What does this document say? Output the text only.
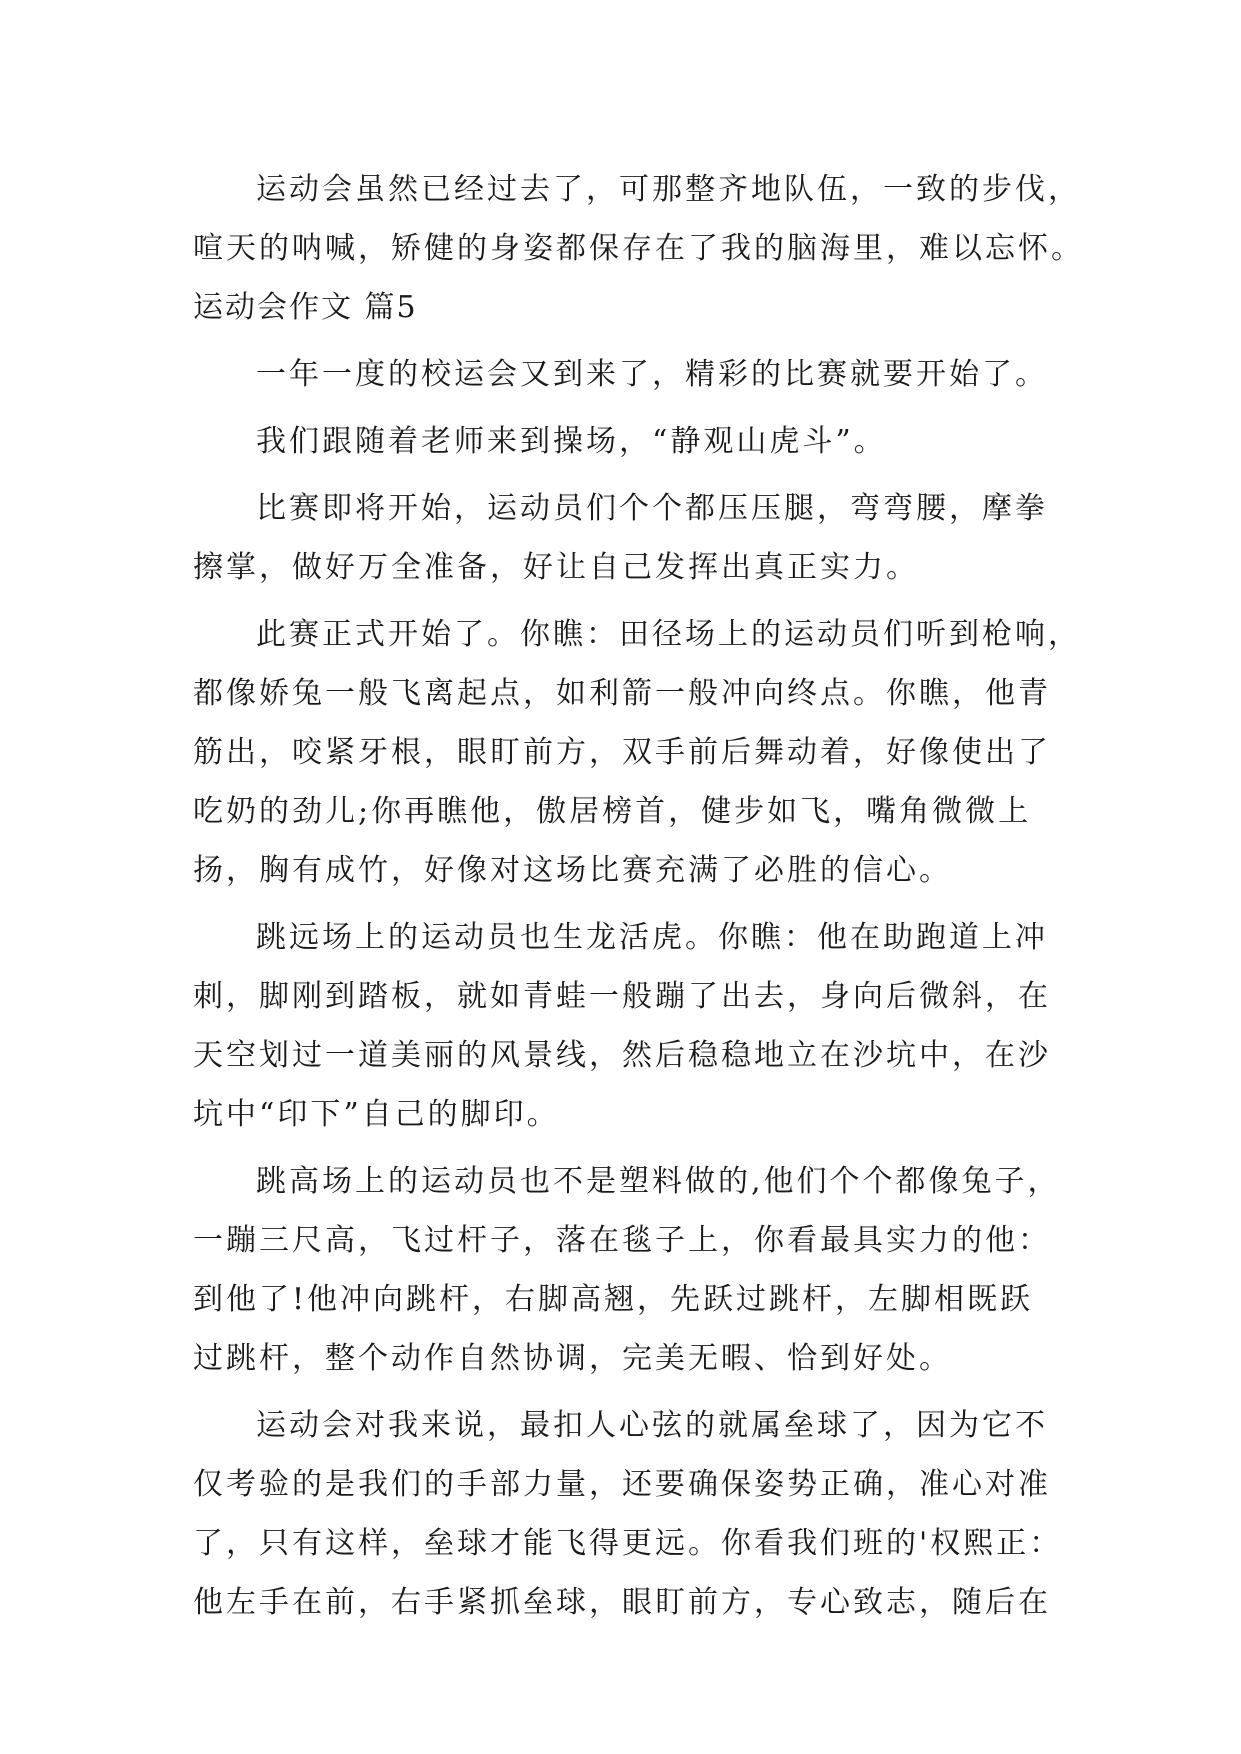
运动会虽然已经过去了，可那整齐地队伍，一致的步伐，
喧天的呐喊，矫健的身姿都保存在了我的脑海里，难以忘怀。
运动会作文 篇5
一年一度的校运会又到来了，精彩的比赛就要开始了。
我们跟随着老师来到操场，“静观山虎斗”。
比赛即将开始，运动员们个个都压压腿，弯弯腰，摩拳
擦掌，做好万全准备，好让自己发挥出真正实力。
此赛正式开始了。你瞧：田径场上的运动员们听到枪响，
都像娇兔一般飞离起点，如利箭一般冲向终点。你瞧，他青
筋出，咬紧牙根，眼盯前方，双手前后舞动着，好像使出了
吃奶的劲儿;你再瞧他，傲居榜首，健步如飞，嘴角微微上
扬，胸有成竹，好像对这场比赛充满了必胜的信心。
跳远场上的运动员也生龙活虎。你瞧：他在助跑道上冲
刺，脚刚到踏板，就如青蛙一般蹦了出去，身向后微斜，在
天空划过一道美丽的风景线，然后稳稳地立在沙坑中，在沙
坑中“印下”自己的脚印。
跳高场上的运动员也不是塑料做的,他们个个都像兔子，
一蹦三尺高，飞过杆子，落在毯子上，你看最具实力的他：
到他了!他冲向跳杆，右脚高翘，先跃过跳杆，左脚相既跃
过跳杆，整个动作自然协调，完美无暇、恰到好处。
运动会对我来说，最扣人心弦的就属垒球了，因为它不
仅考验的是我们的手部力量，还要确保姿势正确，准心对准
了，只有这样，垒球才能飞得更远。你看我们班的'权熙正：
他左手在前，右手紧抓垒球，眼盯前方，专心致志，随后在
